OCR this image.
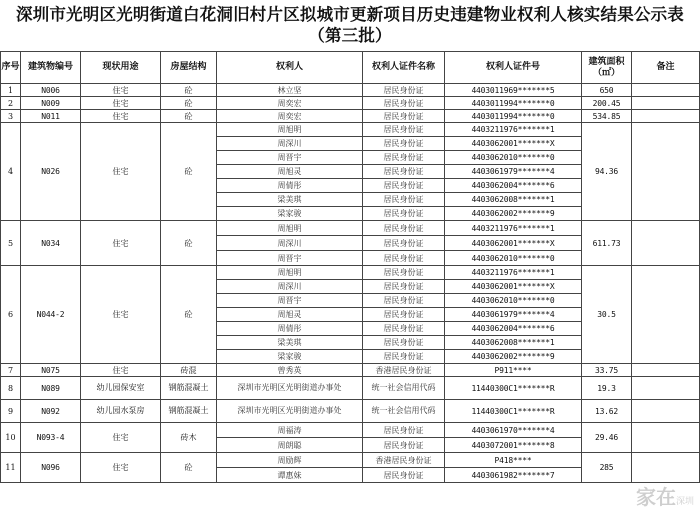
深圳市光明区光明街道白花洞旧村片区拟城市更新项目历史违建物业权利人核实结果公示表
（第三批）
序号	建筑物编号	现状用途	房屋结构	权利人	权利人证件名称	权利人证件号	建筑面积（㎡）	备注
1	N006	住宅	砼	林立坚	居民身份证	4403011969*******5	650	
2	N009	住宅	砼	周奕宏	居民身份证	4403011994*******0	200.45	
3	N011	住宅	砼	周奕宏	居民身份证	4403011994*******0	534.85	
4	N026	住宅	砼	周旭明	居民身份证	4403211976*******1	94.36	
				周深川	居民身份证	4403062001*******X		
				周晋宇	居民身份证	4403062010*******0		
				周旭灵	居民身份证	4403061979*******4		
				周倩彤	居民身份证	4403062004*******6		
				梁美琪	居民身份证	4403062008*******1		
				梁家骏	居民身份证	4403062002*******9		
5	N034	住宅	砼	周旭明	居民身份证	4403211976*******1	611.73	
				周深川	居民身份证	4403062001*******X		
				周晋宇	居民身份证	4403062010*******0		
6	N044-2	住宅	砼	周旭明	居民身份证	4403211976*******1	30.5	
				周深川	居民身份证	4403062001*******X		
				周晋宇	居民身份证	4403062010*******0		
				周旭灵	居民身份证	4403061979*******4		
				周倩彤	居民身份证	4403062004*******6		
				梁美琪	居民身份证	4403062008*******1		
				梁家骏	居民身份证	4403062002*******9		
7	N075	住宅	砖混	曾秀英	香港居民身份证	P911****	33.75	
8	N089	幼儿园保安室	钢筋混凝土	深圳市光明区光明街道办事处	统一社会信用代码	11440300C1*******R	19.3	
9	N092	幼儿园水泵房	钢筋混凝土	深圳市光明区光明街道办事处	统一社会信用代码	11440300C1*******R	13.62	
10	N093-4	住宅	砖木	周福涛	居民身份证	4403061970*******4	29.46	
				周朗聪	居民身份证	4403072001*******8		
11	N096	住宅	砼	周励辉	香港居民身份证	P418****	285	
				谭惠妹	居民身份证	4403061982*******7		
家在深圳
